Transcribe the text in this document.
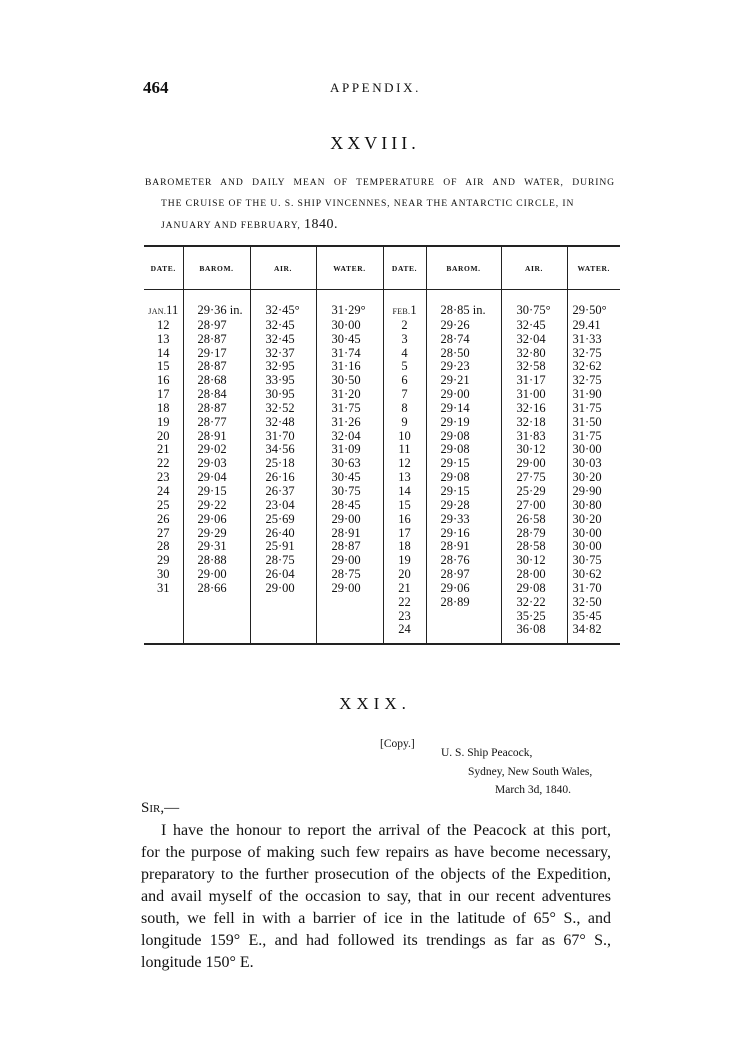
464	APPENDIX.
XXVIII.
BAROMETER AND DAILY MEAN OF TEMPERATURE OF AIR AND WATER, DURING
THE CRUISE OF THE U. S. SHIP VINCENNES, NEAR THE ANTARCTIC CIRCLE, IN
JANUARY AND FEBRUARY, 1840.
DATE.	BAROM.	AIR.	WATER.	DATE.	BAROM.	AIR.	WATER.
JAN.11	29·36 in.	32·45°	31·29°	FEB.1	28·85 in.	30·75°	29·50°
12	28·97	32·45	30·00	2	29·26	32·45	29.41
13	28·87	32·45	30·45	3	28·74	32·04	31·33
14	29·17	32·37	31·74	4	28·50	32·80	32·75
15	28·87	32·95	31·16	5	29·23	32·58	32·62
16	28·68	33·95	30·50	6	29·21	31·17	32·75
17	28·84	30·95	31·20	7	29·00	31·00	31·90
18	28·87	32·52	31·75	8	29·14	32·16	31·75
19	28·77	32·48	31·26	9	29·19	32·18	31·50
20	28·91	31·70	32·04	10	29·08	31·83	31·75
21	29·02	34·56	31·09	11	29·08	30·12	30·00
22	29·03	25·18	30·63	12	29·15	29·00	30·03
23	29·04	26·16	30·45	13	29·08	27·75	30·20
24	29·15	26·37	30·75	14	29·15	25·29	29·90
25	29·22	23·04	28·45	15	29·28	27·00	30·80
26	29·06	25·69	29·00	16	29·33	26·58	30·20
27	29·29	26·40	28·91	17	29·16	28·79	30·00
28	29·31	25·91	28·87	18	28·91	28·58	30·00
29	28·88	28·75	29·00	19	28·76	30·12	30·75
30	29·00	26·04	28·75	20	28·97	28·00	30·62
31	28·66	29·00	29·00	21	29·06	29·08	31·70
				22	28·89	32·22	32·50
				23		35·25	35·45
				24		36·08	34·82
XXIX.
[Copy.]
U. S. Ship Peacock,
Sydney, New South Wales,
March 3d, 1840.
Sir,—
I have the honour to report the arrival of the Peacock at this port,
for the purpose of making such few repairs as have become necessary,
preparatory to the further prosecution of the objects of the Expedition,
and avail myself of the occasion to say, that in our recent adventures
south, we fell in with a barrier of ice in the latitude of 65° S., and
longitude 159° E., and had followed its trendings as far as 67° S.,
longitude 150° E.
